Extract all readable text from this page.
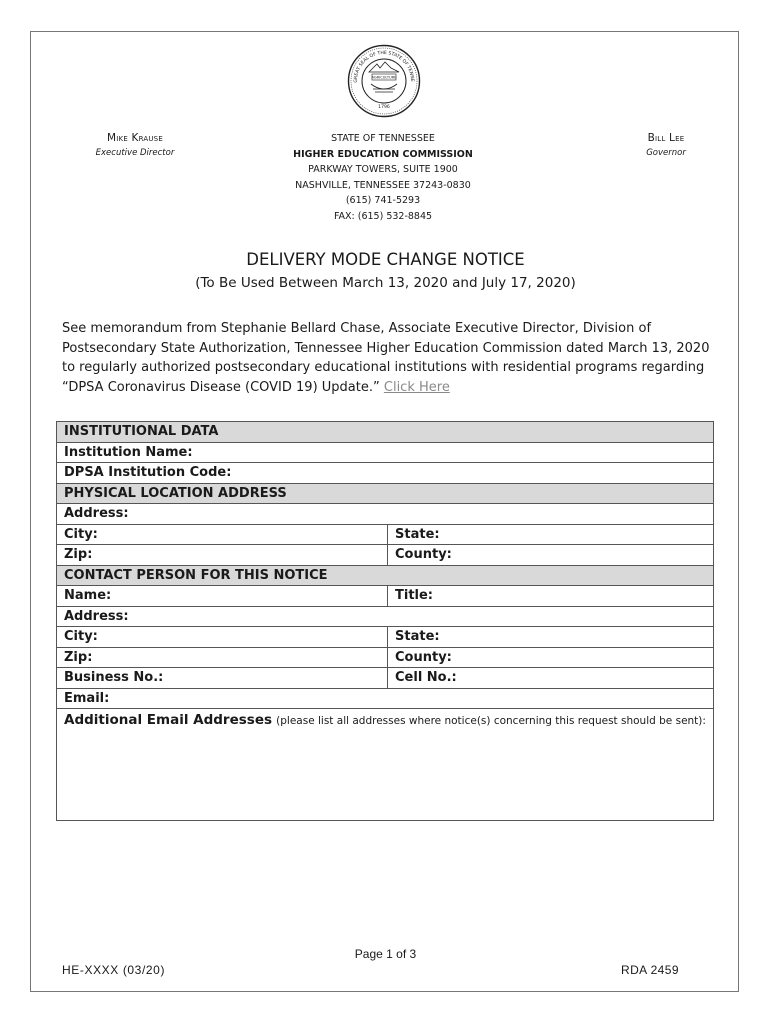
GREAT SEAL OF THE STATE OF TENNE
AGRICULTURE
1796
Mike Krause
Executive Director
STATE OF TENNESSEE
HIGHER EDUCATION COMMISSION
PARKWAY TOWERS, SUITE 1900
NASHVILLE, TENNESSEE 37243-0830
(615) 741-5293
FAX: (615) 532-8845
Bill Lee
Governor
DELIVERY MODE CHANGE NOTICE
(To Be Used Between March 13, 2020 and July 17, 2020)
See memorandum from Stephanie Bellard Chase, Associate Executive Director, Division of Postsecondary State Authorization, Tennessee Higher Education Commission dated March 13, 2020 to regularly authorized postsecondary educational institutions with residential programs regarding “DPSA Coronavirus Disease (COVID 19) Update.” Click Here
INSTITUTIONAL DATA	
Institution Name:	
DPSA Institution Code:	
PHYSICAL LOCATION ADDRESS	
Address:	
City:	State:
Zip:	County:
CONTACT PERSON FOR THIS NOTICE	
Name:	Title:
Address:	
City:	State:
Zip:	County:
Business No.:	Cell No.:
Email:	
Additional Email Addresses (please list all addresses where notice(s) concerning this request should be sent):	
Page 1 of 3
HE-XXXX (03/20)	RDA 2459
